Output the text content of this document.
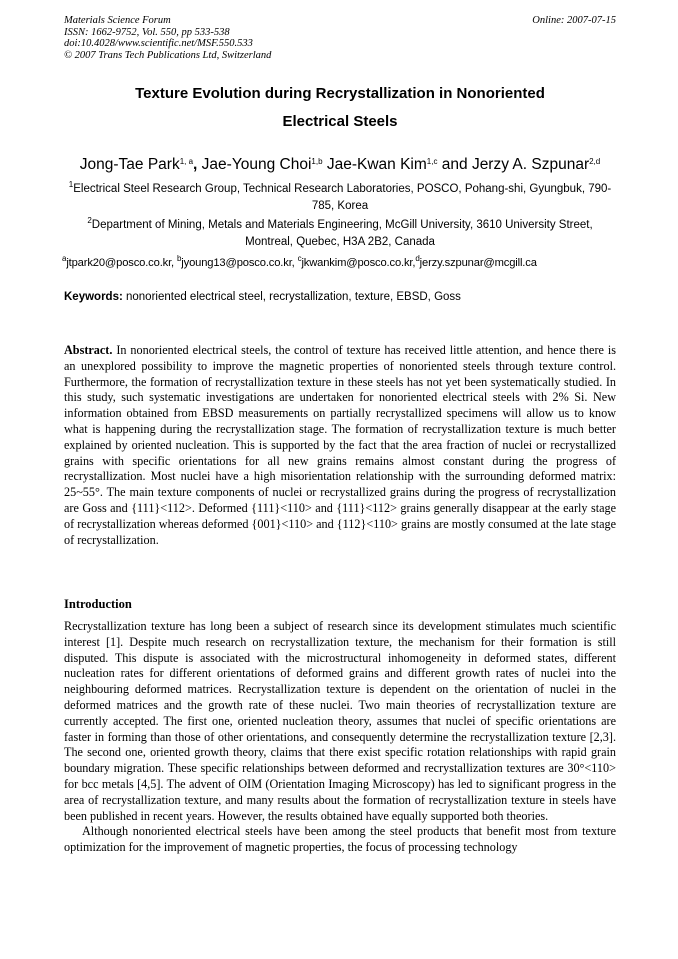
Materials Science Forum
ISSN: 1662-9752, Vol. 550, pp 533-538
doi:10.4028/www.scientific.net/MSF.550.533
© 2007 Trans Tech Publications Ltd, Switzerland
Online: 2007-07-15
Texture Evolution during Recrystallization in Nonoriented
Electrical Steels
Jong-Tae Park$^{1, a}$, Jae-Young Choi$^{1,b}$ Jae-Kwan Kim$^{1,c}$ and Jerzy A. Szpunar$^{2,d}$
$^1$Electrical Steel Research Group, Technical Research Laboratories, POSCO, Pohang-shi, Gyungbuk, 790-785, Korea
$^2$Department of Mining, Metals and Materials Engineering, McGill University, 3610 University Street, Montreal, Quebec, H3A 2B2, Canada
$^a$jtpark20@posco.co.kr, $^b$jyoung13@posco.co.kr, $^c$jkwankim@posco.co.kr,$^d$jerzy.szpunar@mcgill.ca
Keywords: nonoriented electrical steel, recrystallization, texture, EBSD, Goss
Abstract. In nonoriented electrical steels, the control of texture has received little attention, and hence there is an unexplored possibility to improve the magnetic properties of nonoriented steels through texture control. Furthermore, the formation of recrystallization texture in these steels has not yet been systematically studied. In this study, such systematic investigations are undertaken for nonoriented electrical steels with 2% Si. New information obtained from EBSD measurements on partially recrystallized specimens will allow us to know what is happening during the recrystallization stage. The formation of recrystallization texture is much better explained by oriented nucleation. This is supported by the fact that the area fraction of nuclei or recrystallized grains with specific orientations for all new grains remains almost constant during the progress of recrystallization. Most nuclei have a high misorientation relationship with the surrounding deformed matrix: 25~55°. The main texture components of nuclei or recrystallized grains during the progress of recrystallization are Goss and {111}<112>. Deformed {111}<110> and {111}<112> grains generally disappear at the early stage of recrystallization whereas deformed {001}<110> and {112}<110> grains are mostly consumed at the late stage of recrystallization.
Introduction

Recrystallization texture has long been a subject of research since its development stimulates much scientific interest [1]. Despite much research on recrystallization texture, the mechanism for their formation is still disputed. This dispute is associated with the microstructural inhomogeneity in deformed states, different nucleation rates for different orientations of deformed grains and different growth rates of nuclei into the neighbouring deformed matrices. Recrystallization texture is dependent on the orientation of nuclei in the deformed matrices and the growth rate of these nuclei. Two main theories of recrystallization texture are currently accepted. The first one, oriented nucleation theory, assumes that nuclei of specific orientations are faster in forming than those of other orientations, and consequently determine the recrystallization texture [2,3]. The second one, oriented growth theory, claims that there exist specific rotation relationships with rapid grain boundary migration. These specific relationships between deformed and recrystallization textures are 30°<110> for bcc metals [4,5]. The advent of OIM (Orientation Imaging Microscopy) has led to significant progress in the area of recrystallization texture, and many results about the formation of recrystallization texture in steels have been published in recent years. However, the results obtained have equally supported both theories.

Although nonoriented electrical steels have been among the steel products that benefit most from texture optimization for the improvement of magnetic properties, the focus of processing technology
